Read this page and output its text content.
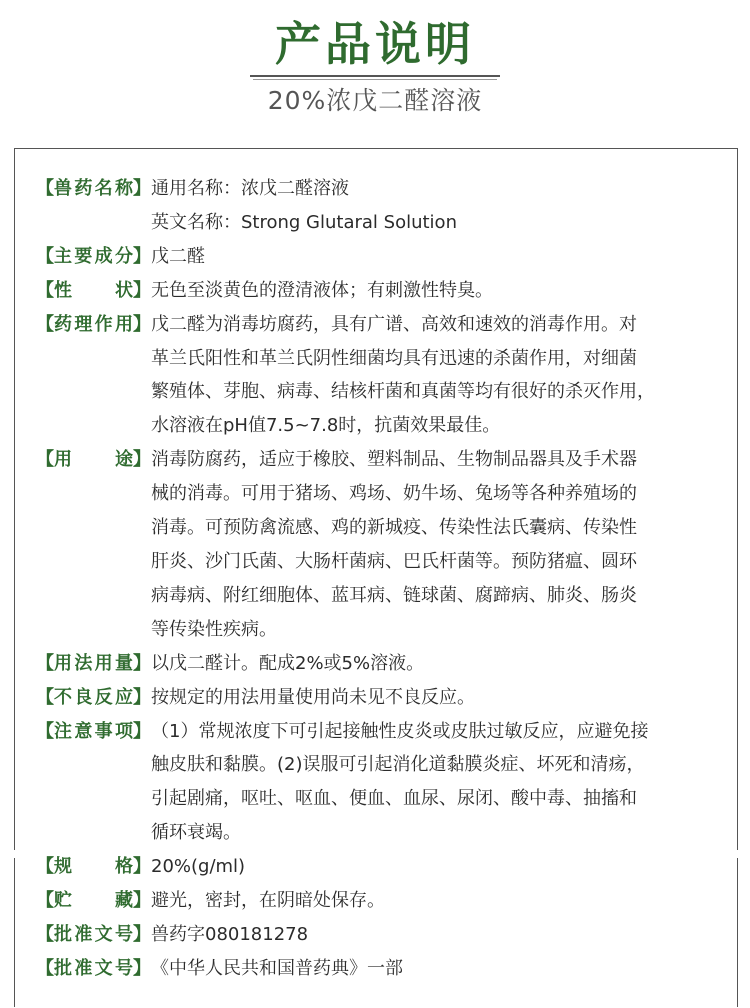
产品说明
20%浓戊二醛溶液
【 兽 药 名 称 】 通用名称：浓戊二醛溶液
英文名称：Strong Glutaral Solution
【 主 要 成 分 】 戊二醛
【 性 状 】 无色至淡黄色的澄清液体；有刺激性特臭。
【 药 理 作 用 】 戊二醛为消毒坊腐药，具有广谱、高效和速效的消毒作用。对
革兰氏阳性和革兰氏阴性细菌均具有迅速的杀菌作用，对细菌
繁殖体、芽胞、病毒、结核杆菌和真菌等均有很好的杀灭作用，
水溶液在pH值7.5~7.8时，抗菌效果最佳。
【 用 途 】 消毒防腐药，适应于橡胶、塑料制品、生物制品器具及手术器
械的消毒。可用于猪场、鸡场、奶牛场、兔场等各种养殖场的
消毒。可预防禽流感、鸡的新城疫、传染性法氏囊病、传染性
肝炎、沙门氏菌、大肠杆菌病、巴氏杆菌等。预防猪瘟、圆环
病毒病、附红细胞体、蓝耳病、链球菌、腐蹄病、肺炎、肠炎
等传染性疾病。
【 用 法 用 量 】 以戊二醛计。配成2%或5%溶液。
【 不 良 反 应 】 按规定的用法用量使用尚未见不良反应。
【 注 意 事 项 】 （1）常规浓度下可引起接触性皮炎或皮肤过敏反应，应避免接
触皮肤和黏膜。(2)误服可引起消化道黏膜炎症、坏死和清疡，
引起剧痛，呕吐、呕血、便血、血尿、尿闭、酸中毒、抽搐和
循环衰竭。
【 规 格 】 20%(g/ml)
【 贮 藏 】 避光，密封，在阴暗处保存。
【 批 准 文 号 】 兽药字080181278
【 批 准 文 号 】 《中华人民共和国普药典》一部
